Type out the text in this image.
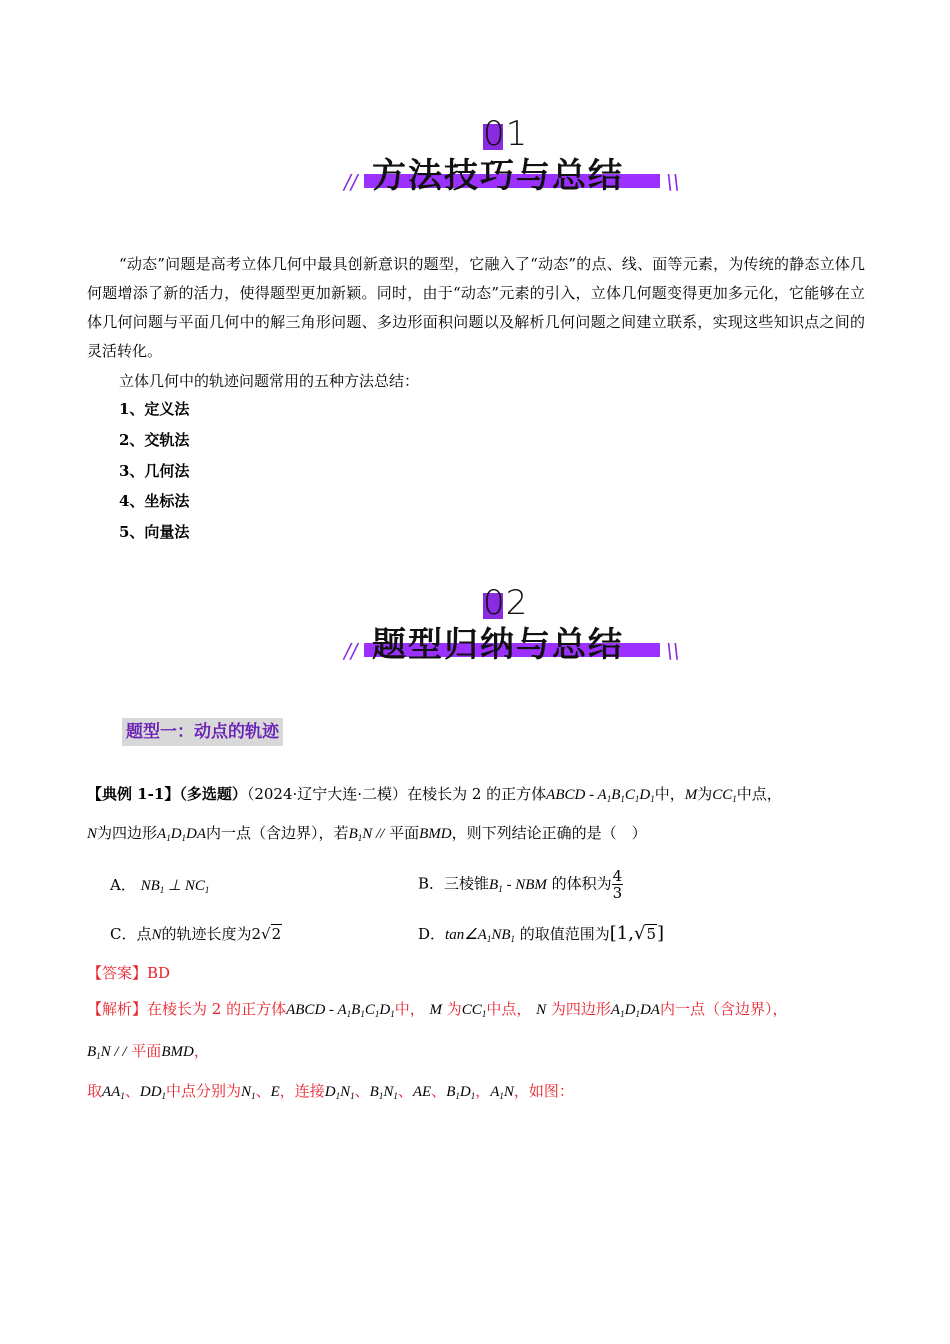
01
方法技巧与总结
//	\\
“动态”问题是高考立体几何中最具创新意识的题型，它融入了“动态”的点、线、面等元素，为传统的静态立体几何题增添了新的活力，使得题型更加新颖。同时，由于“动态”元素的引入，立体几何题变得更加多元化，它能够在立体几何问题与平面几何中的解三角形问题、多边形面积问题以及解析几何问题之间建立联系，实现这些知识点之间的灵活转化。
立体几何中的轨迹问题常用的五种方法总结：
1、定义法
2、交轨法
3、几何法
4、坐标法
5、向量法
02
题型归纳与总结
//	\\
题型一：动点的轨迹
【典例 1-1】（多选题）（2024·辽宁大连·二模）在棱长为 2 的正方体ABCD - $A_1B_1C_1D_1$中，M为$CC_1$中点，
N为四边形$A_1D_1DA$内一点（含边界），若$B_1N$ // 平面BMD，则下列结论正确的是（　）
A． $NB_1$ ⊥ $NC_1$	B．三棱锥$B_1$ - NBM 的体积为 $\frac{4}{3}$
C．点N的轨迹长度为2√2	D．$\tan\angle A_1NB_1$ 的取值范围为[1,√5]
【答案】BD
【解析】在棱长为 2 的正方体ABCD - $A_1B_1C_1D_1$中， M 为$CC_1$中点， N 为四边形$A_1D_1DA$内一点（含边界），
$B_1N$ / / 平面BMD，
取$AA_1$、$DD_1$中点分别为$N_1$、E，连接$D_1N_1$、$B_1N_1$、AE、$B_1D_1$，$A_1N$，如图：
